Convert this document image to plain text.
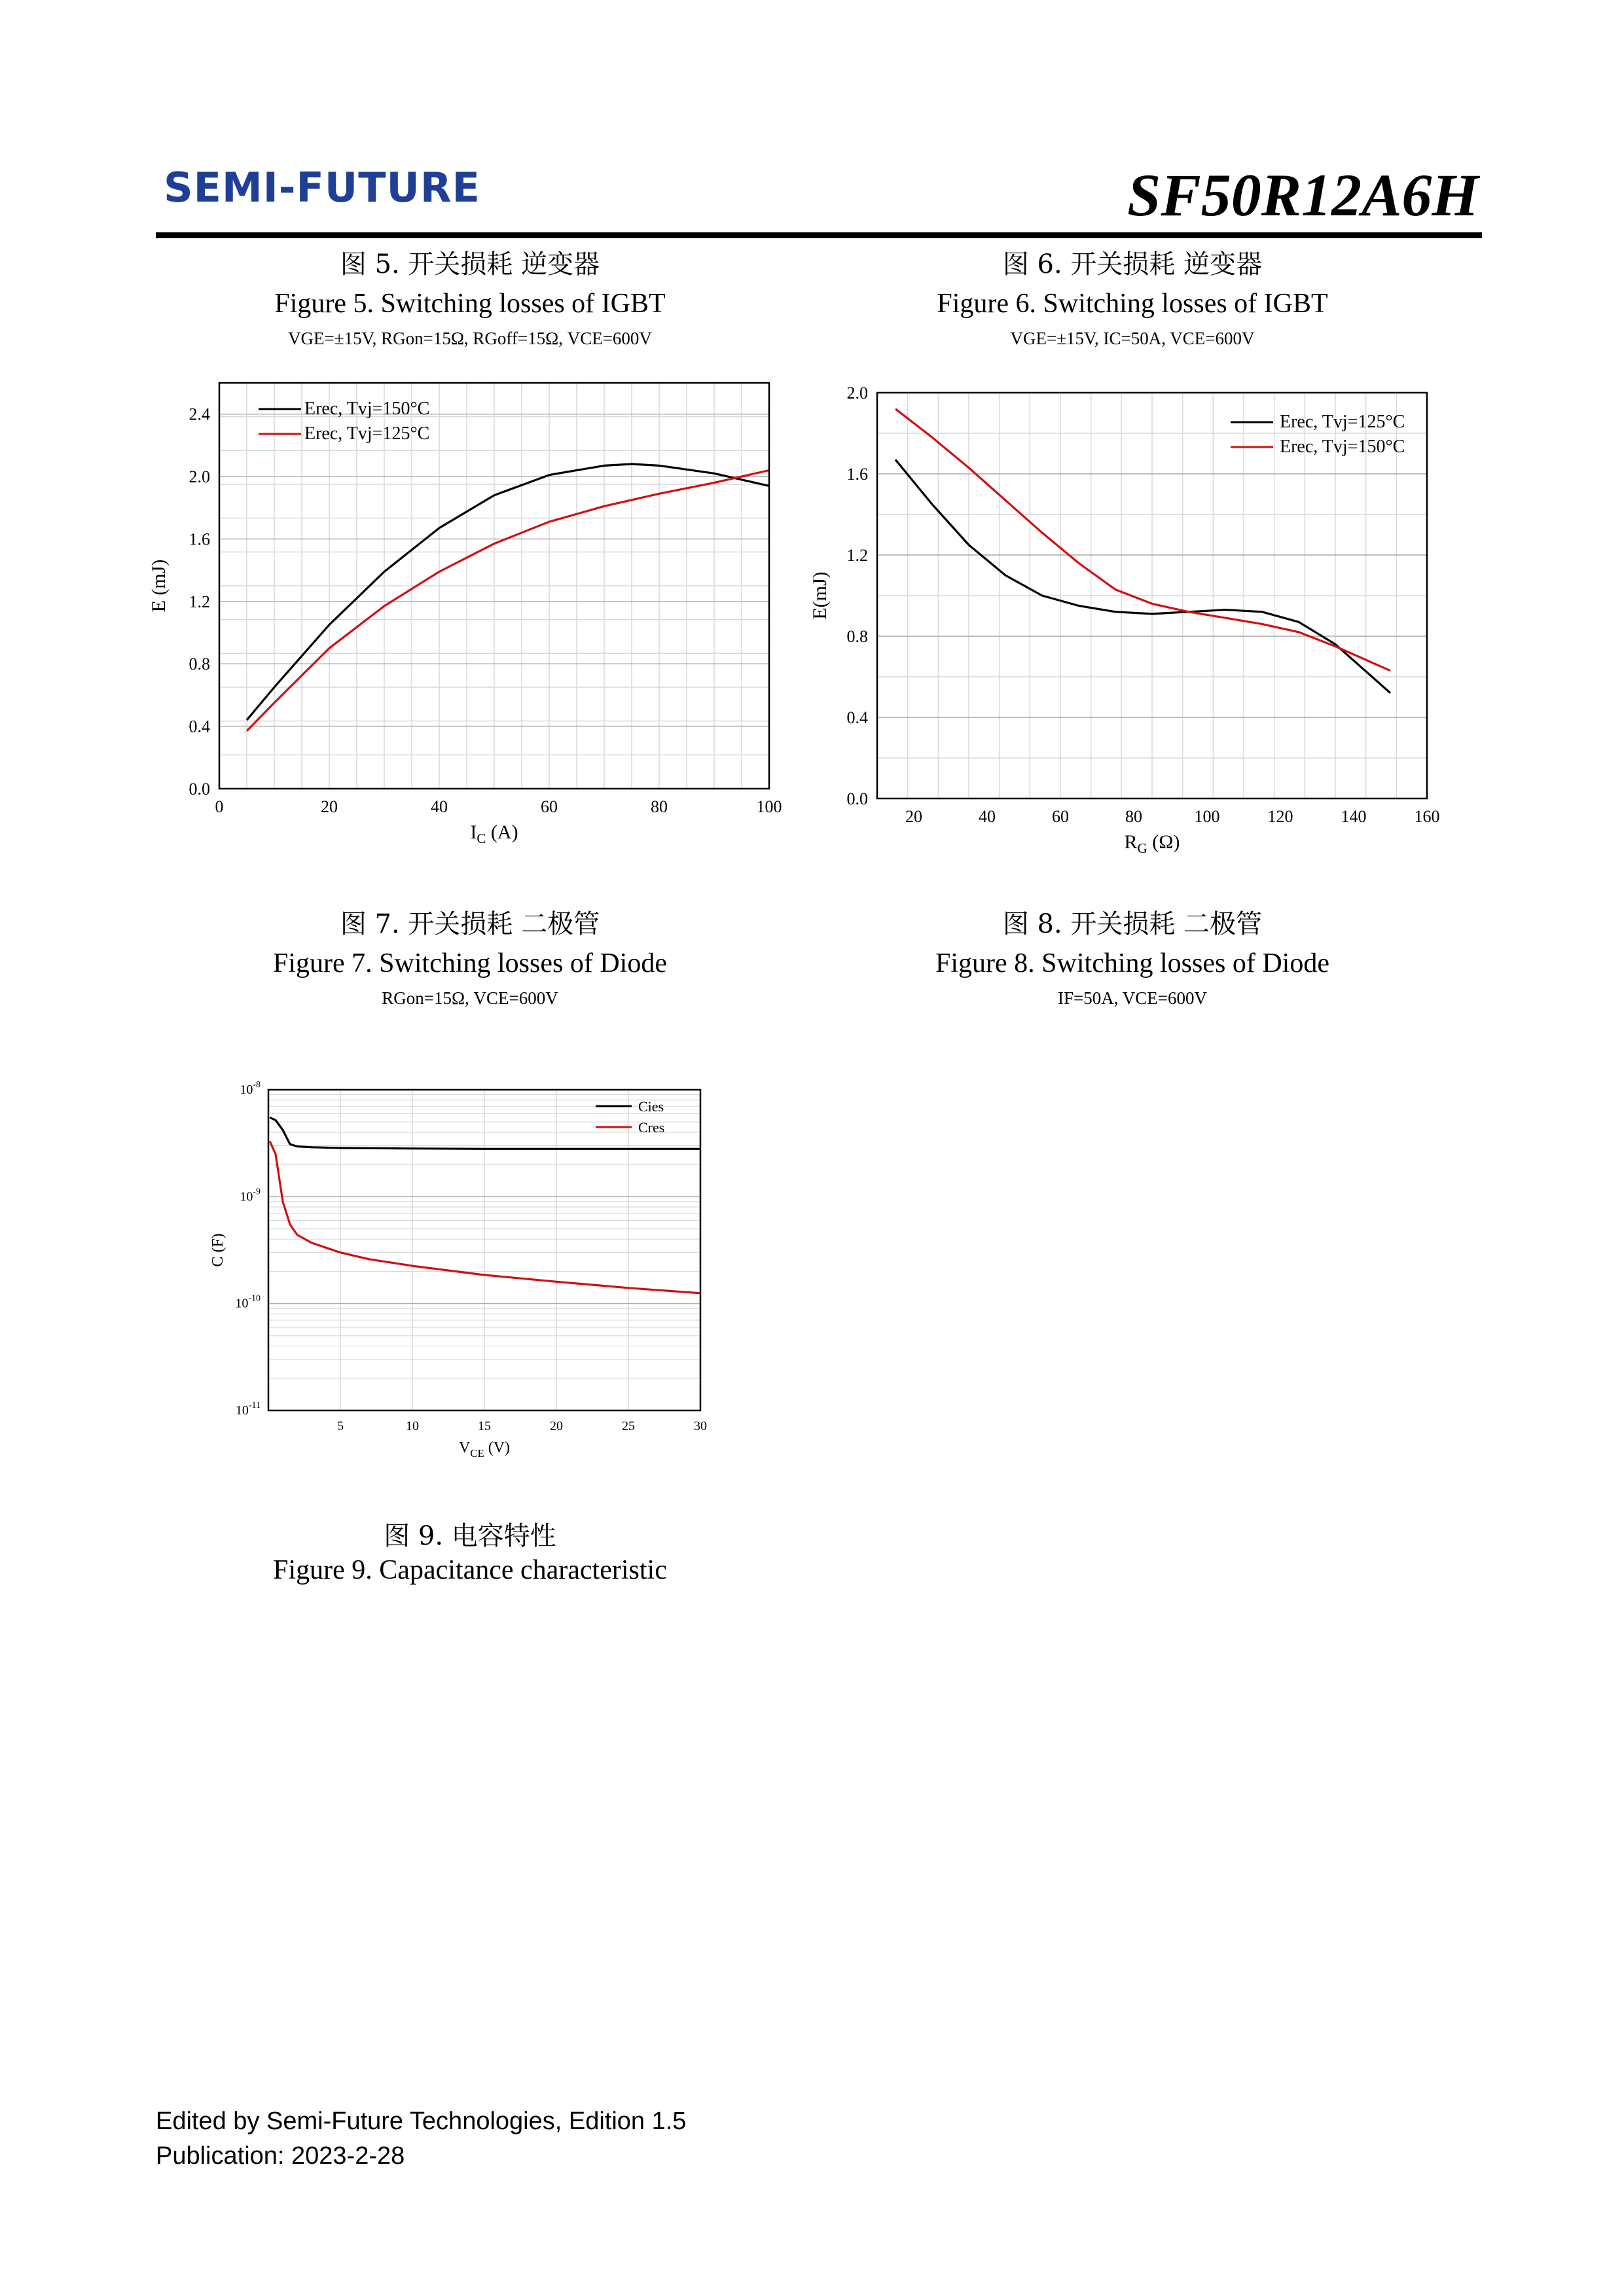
SEMI-FUTURE	SF50R12A6H
图 5. 开关损耗 逆变器
Figure 5. Switching losses of IGBT
VGE=±15V, RGon=15Ω, RGoff=15Ω, VCE=600V
图 6. 开关损耗 逆变器
Figure 6. Switching losses of IGBT
VGE=±15V, IC=50A, VCE=600V
0	20	40	60	80	100
0.0
0.4
0.8
1.2
1.6
2.0
2.4
$I_C$ (A)
E (mJ)
Erec, Tvj=150°C
Erec, Tvj=125°C
20	40	60	80	100	120	140	160
0.0
0.4
0.8
1.2
1.6
2.0
$R_G$ (Ω)
E(mJ)
Erec, Tvj=125°C
Erec, Tvj=150°C
图 7. 开关损耗 二极管
Figure 7. Switching losses of Diode
RGon=15Ω, VCE=600V
图 8. 开关损耗 二极管
Figure 8. Switching losses of Diode
IF=50A, VCE=600V
5	10	15	20	25	30
$10^{-8}$
$10^{-9}$
$10^{-10}$
$10^{-11}$
$V_{CE}$ (V)
C (F)
Cies
Cres
图 9. 电容特性
Figure 9. Capacitance characteristic
Edited by Semi-Future Technologies, Edition 1.5
Publication: 2023-2-28
